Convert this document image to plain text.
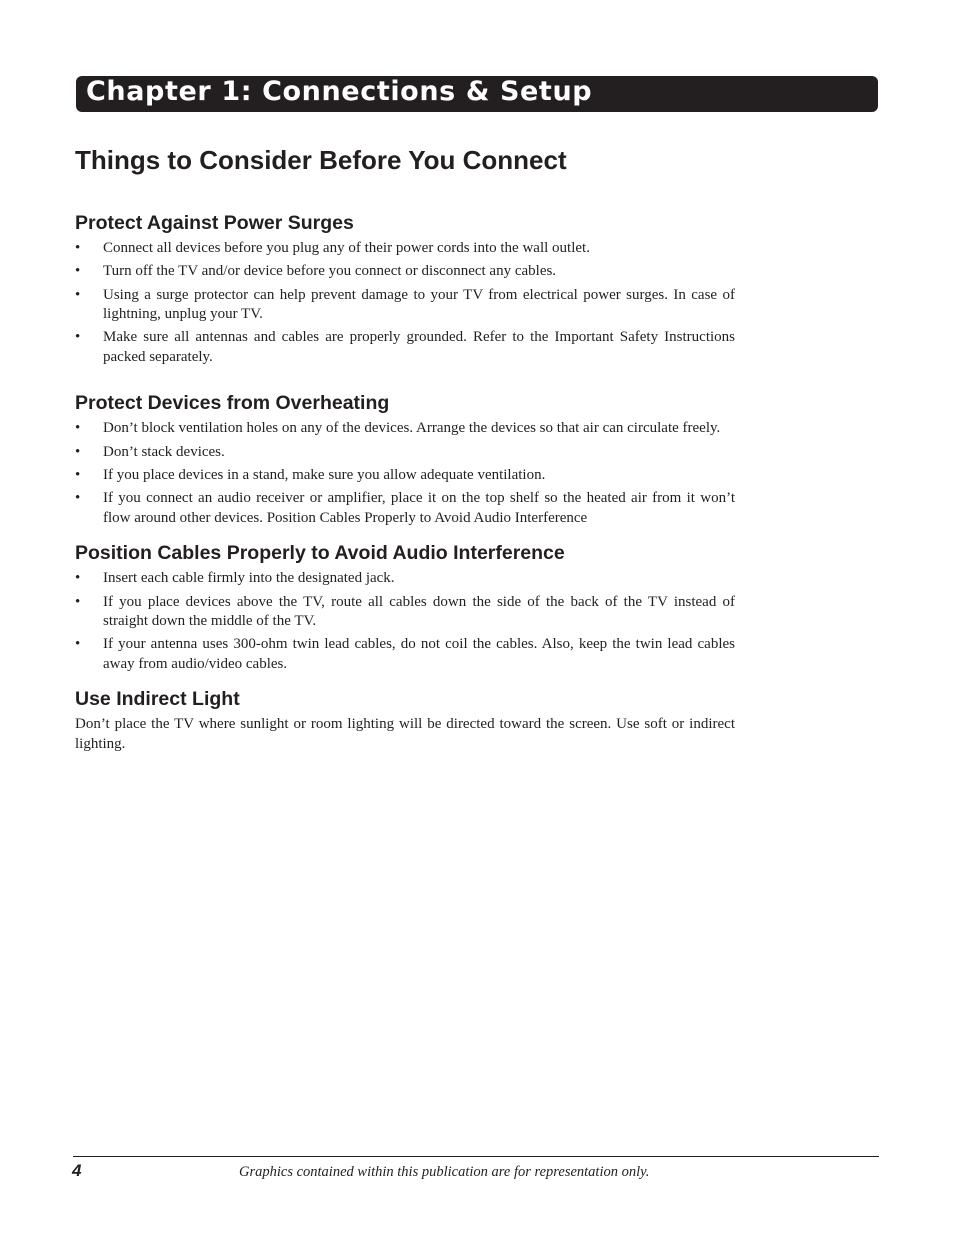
Chapter 1: Connections & Setup
Things to Consider Before You Connect
Protect Against Power Surges
• Connect all devices before you plug any of their power cords into the wall outlet.
• Turn off the TV and/or device before you connect or disconnect any cables.
• Using a surge protector can help prevent damage to your TV from electrical power surges. In case of lightning, unplug your TV.
• Make sure all antennas and cables are properly grounded. Refer to the Important Safety Instructions packed separately.
Protect Devices from Overheating
• Don’t block ventilation holes on any of the devices. Arrange the devices so that air can circulate freely.
• Don’t stack devices.
• If you place devices in a stand, make sure you allow adequate ventilation.
• If you connect an audio receiver or amplifier, place it on the top shelf so the heated air from it won’t flow around other devices. Position Cables Properly to Avoid Audio Interference
Position Cables Properly to Avoid Audio Interference
• Insert each cable firmly into the designated jack.
• If you place devices above the TV, route all cables down the side of the back of the TV instead of straight down the middle of the TV.
• If your antenna uses 300-ohm twin lead cables, do not coil the cables. Also, keep the twin lead cables away from audio/video cables.
Use Indirect Light

Don’t place the TV where sunlight or room lighting will be directed toward the screen. Use soft or indirect lighting.

4	Graphics contained within this publication are for representation only.
